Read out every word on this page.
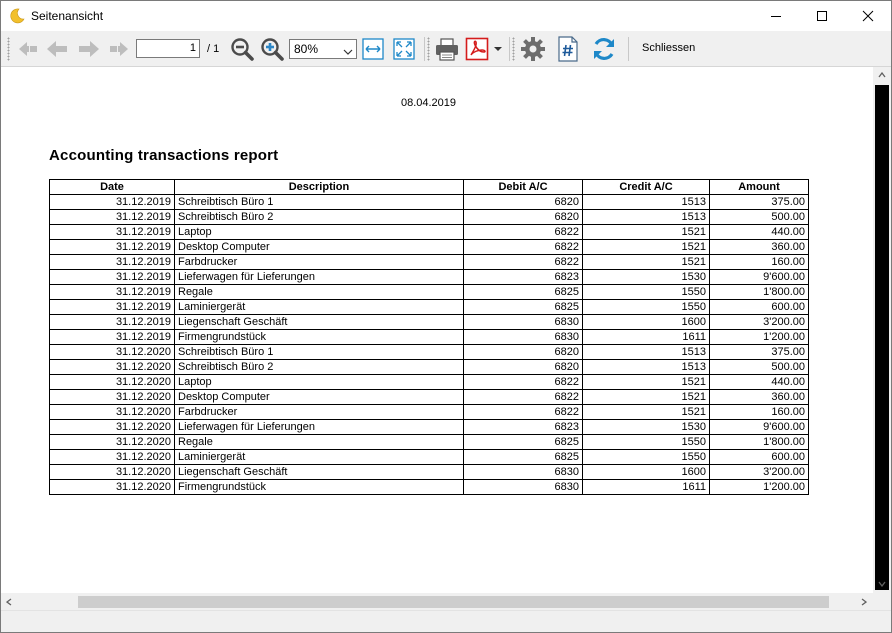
Seitenansicht
1	/ 1	80%	Schliessen
08.04.2019
Accounting transactions report
Date	Description	Debit A/C	Credit A/C	Amount
31.12.2019	Schreibtisch Büro 1	6820	1513	375.00
31.12.2019	Schreibtisch Büro 2	6820	1513	500.00
31.12.2019	Laptop	6822	1521	440.00
31.12.2019	Desktop Computer	6822	1521	360.00
31.12.2019	Farbdrucker	6822	1521	160.00
31.12.2019	Lieferwagen für Lieferungen	6823	1530	9'600.00
31.12.2019	Regale	6825	1550	1'800.00
31.12.2019	Laminiergerät	6825	1550	600.00
31.12.2019	Liegenschaft Geschäft	6830	1600	3'200.00
31.12.2019	Firmengrundstück	6830	1611	1'200.00
31.12.2020	Schreibtisch Büro 1	6820	1513	375.00
31.12.2020	Schreibtisch Büro 2	6820	1513	500.00
31.12.2020	Laptop	6822	1521	440.00
31.12.2020	Desktop Computer	6822	1521	360.00
31.12.2020	Farbdrucker	6822	1521	160.00
31.12.2020	Lieferwagen für Lieferungen	6823	1530	9'600.00
31.12.2020	Regale	6825	1550	1'800.00
31.12.2020	Laminiergerät	6825	1550	600.00
31.12.2020	Liegenschaft Geschäft	6830	1600	3'200.00
31.12.2020	Firmengrundstück	6830	1611	1'200.00
